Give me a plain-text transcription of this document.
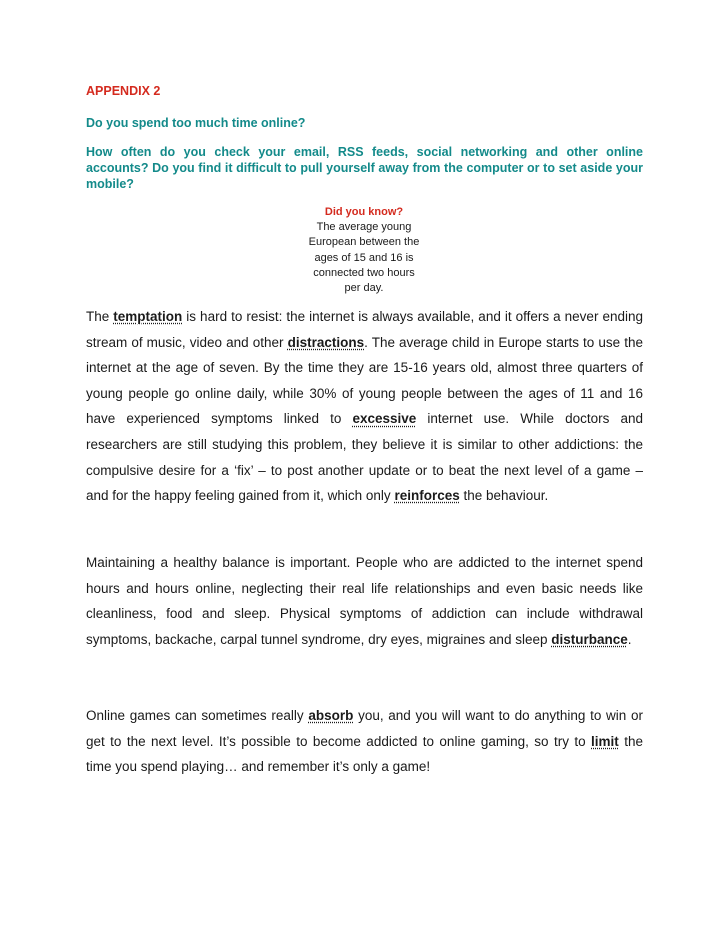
APPENDIX 2
Do you spend too much time online?
How often do you check your email, RSS feeds, social networking and other online accounts? Do you find it difficult to pull yourself away from the computer or to set aside your mobile?
Did you know?
The average young
European between the
ages of 15 and 16 is
connected two hours
per day.
The temptation is hard to resist: the internet is always available, and it offers a never ending stream of music, video and other distractions. The average child in Europe starts to use the internet at the age of seven. By the time they are 15-16 years old, almost three quarters of young people go online daily, while 30% of young people between the ages of 11 and 16 have experienced symptoms linked to excessive internet use. While doctors and researchers are still studying this problem, they believe it is similar to other addictions: the compulsive desire for a ‘fix’ – to post another update or to beat the next level of a game – and for the happy feeling gained from it, which only reinforces the behaviour.
Maintaining a healthy balance is important. People who are addicted to the internet spend hours and hours online, neglecting their real life relationships and even basic needs like cleanliness, food and sleep. Physical symptoms of addiction can include withdrawal symptoms, backache, carpal tunnel syndrome, dry eyes, migraines and sleep disturbance.
Online games can sometimes really absorb you, and you will want to do anything to win or get to the next level. It’s possible to become addicted to online gaming, so try to limit the time you spend playing… and remember it’s only a game!
